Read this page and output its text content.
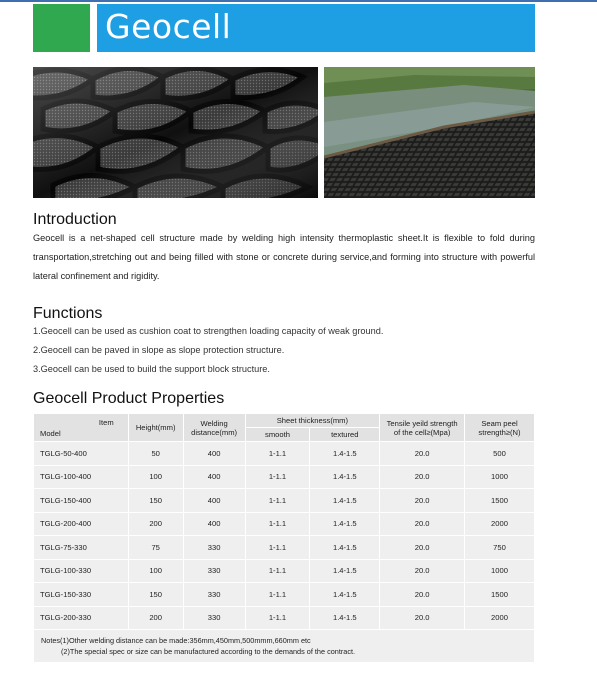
Geocell
Introduction

Geocell is a net-shaped cell structure made by welding high intensity thermoplastic sheet.It is flexible to fold during transportation,stretching out and being filled with stone or concrete during service,and forming into structure with powerful lateral confinement and rigidity.

Functions
1.Geocell can be used as cushion coat to strengthen loading capacity of weak ground.
2.Geocell can be paved in slope as slope protection structure.
3.Geocell can be used to build the support block structure.
Geocell Product Properties
Item
Model	Height(mm)	Welding distance(mm)	Sheet thickness(mm)		Tensile yeild strength of the cell≥(Mpa)	Seam peel strength≥(N)
			smooth	textured		
TGLG-50-400	50	400	1-1.1	1.4-1.5	20.0	500
TGLG-100-400	100	400	1-1.1	1.4-1.5	20.0	1000
TGLG-150-400	150	400	1-1.1	1.4-1.5	20.0	1500
TGLG-200-400	200	400	1-1.1	1.4-1.5	20.0	2000
TGLG-75-330	75	330	1-1.1	1.4-1.5	20.0	750
TGLG-100-330	100	330	1-1.1	1.4-1.5	20.0	1000
TGLG-150-330	150	330	1-1.1	1.4-1.5	20.0	1500
TGLG-200-330	200	330	1-1.1	1.4-1.5	20.0	2000

Notes(1)Other welding distance can be made:356mm,450mm,500mmm,660mm etc
(2)The special spec or size can be manufactured according to the demands of the contract.						
